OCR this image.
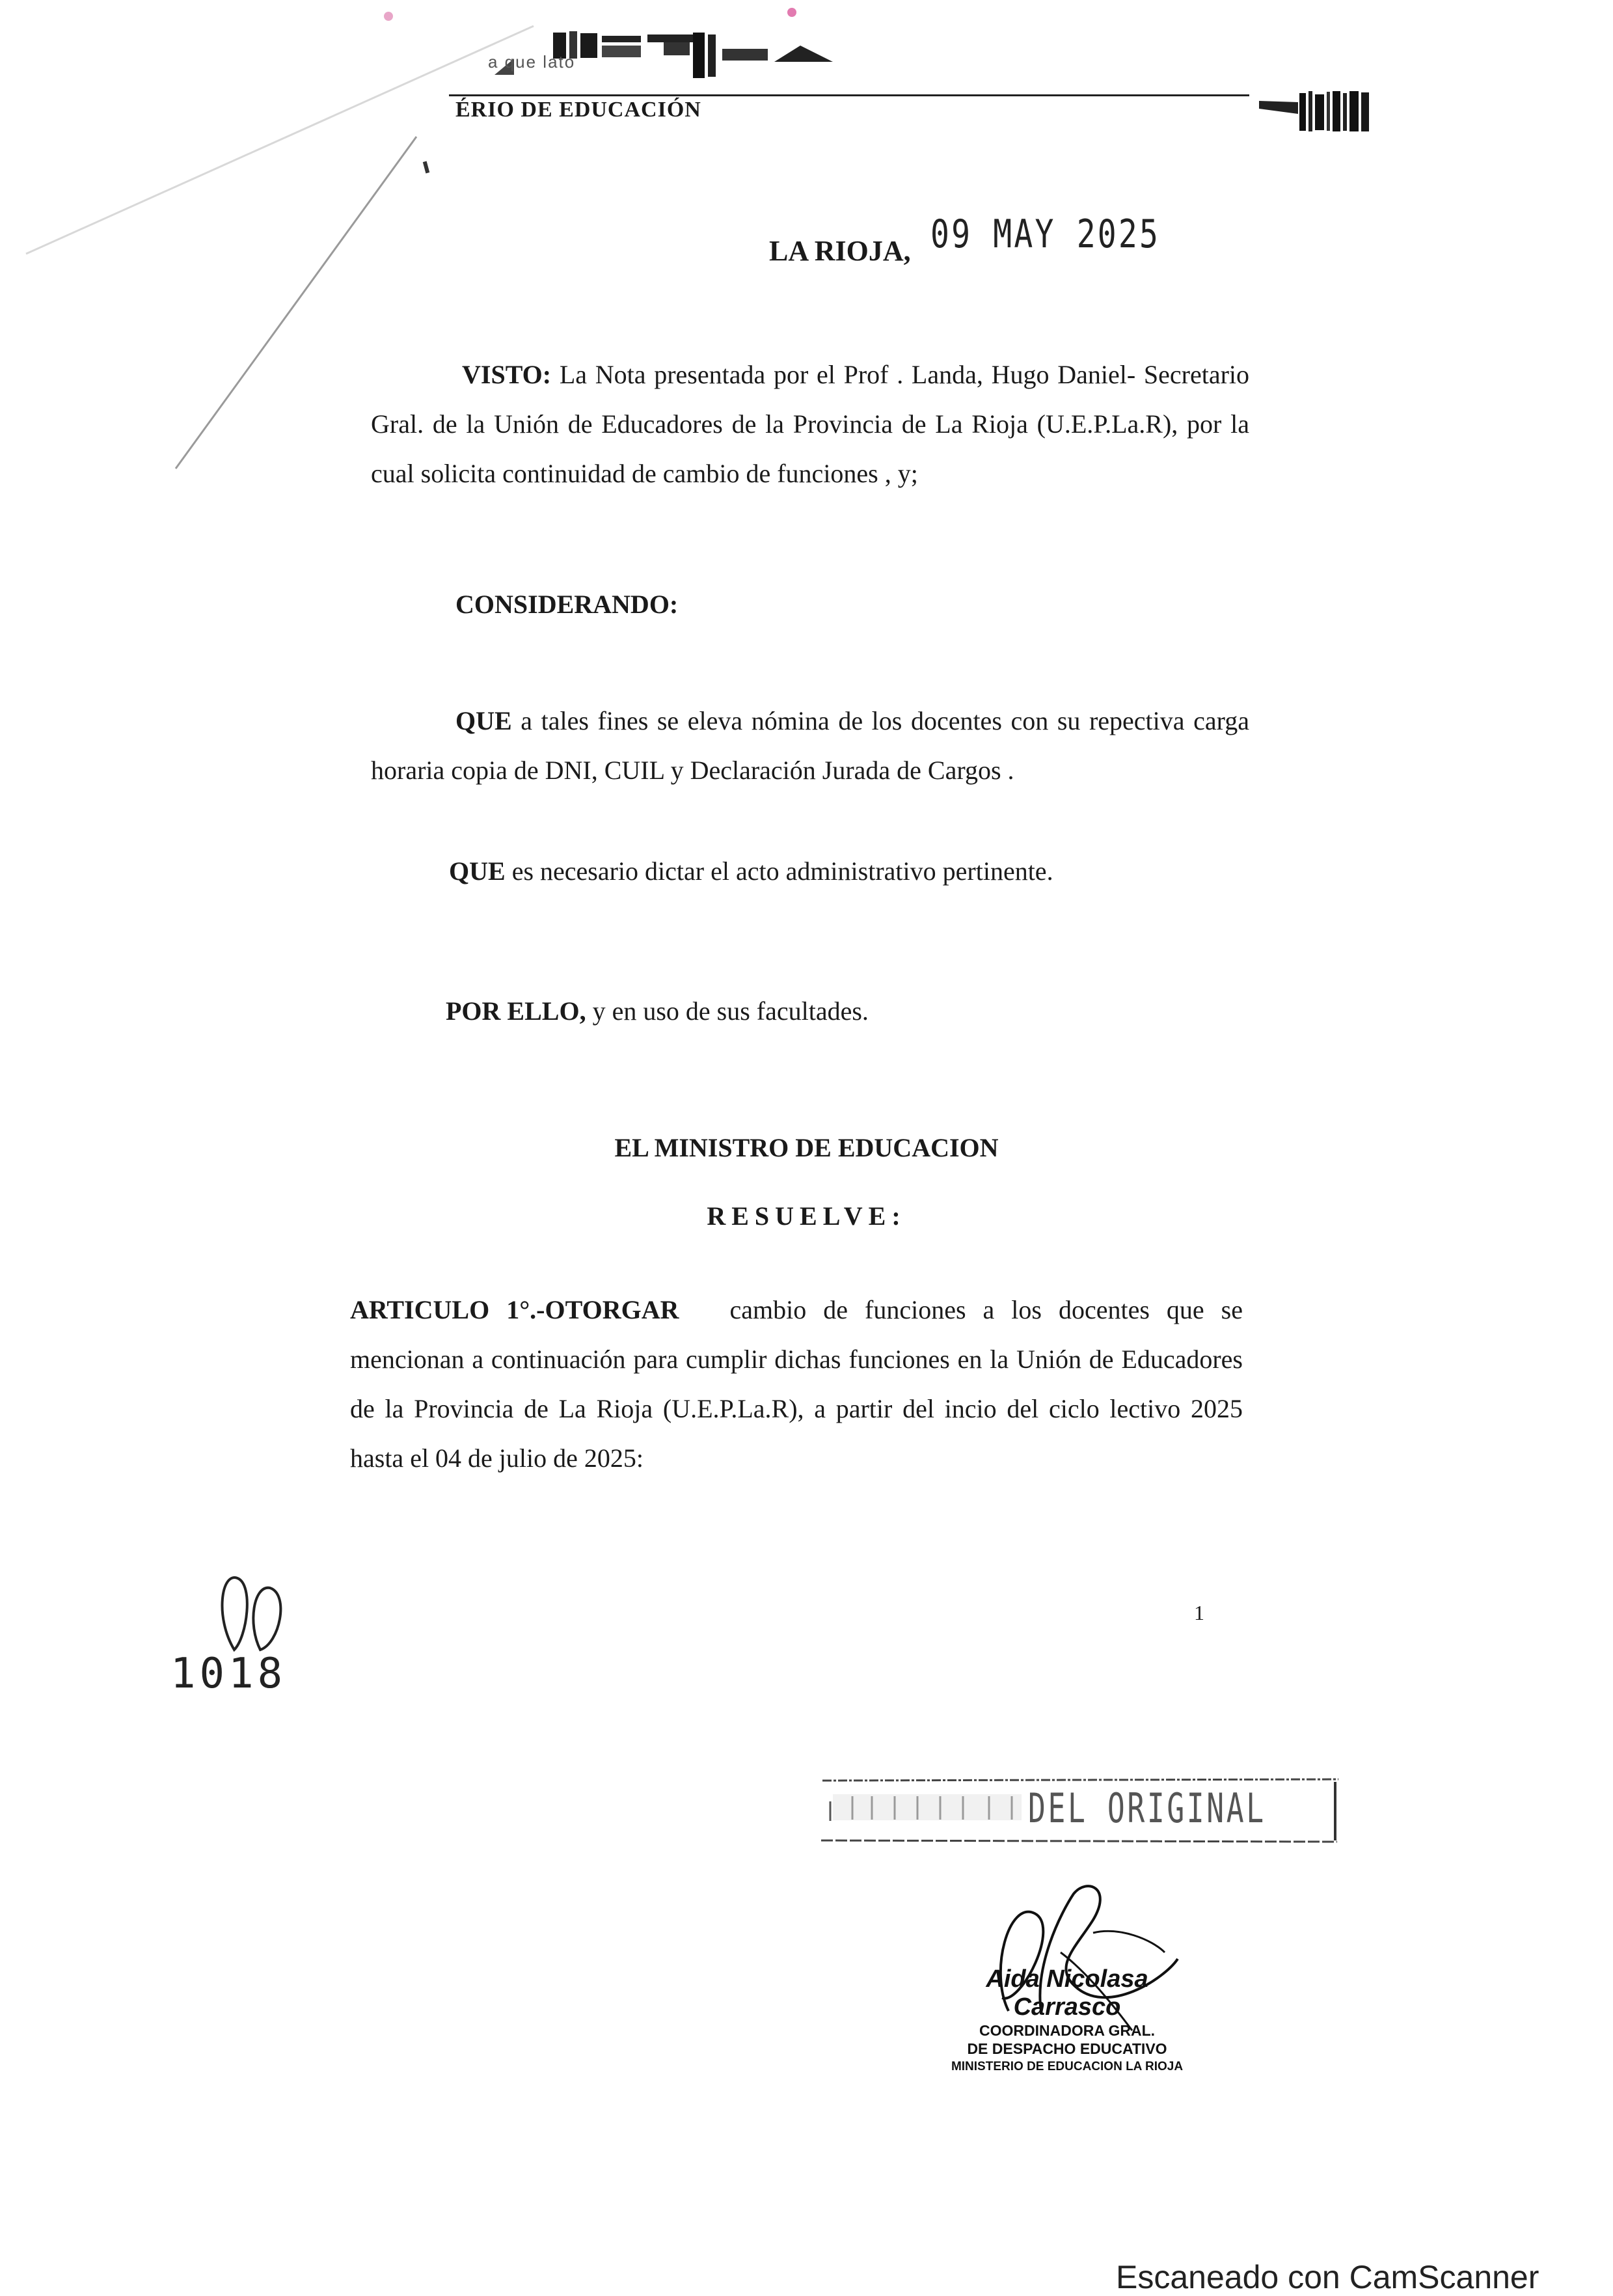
a que lato
ÉRIO DE EDUCACIÓN
LA RIOJA, 09 MAY 2025

VISTO: La Nota presentada por el Prof . Landa, Hugo Daniel- Secretario Gral. de la Unión de Educadores de la Provincia de La Rioja (U.E.P.La.R), por la cual solicita continuidad de cambio de funciones , y;

CONSIDERANDO:

QUE a tales fines se eleva nómina de los docentes con su repectiva carga horaria copia de DNI, CUIL y Declaración Jurada de Cargos .

QUE es necesario dictar el acto administrativo pertinente.
POR ELLO, y en uso de sus facultades.
EL MINISTRO DE EDUCACION
RESUELVE:

ARTICULO 1°.-OTORGAR cambio de funciones a los docentes que se mencionan a continuación para cumplir dichas funciones en la Unión de Educadores de la Provincia de La Rioja (U.E.P.La.R), a partir del incio del ciclo lectivo 2025 hasta el 04 de julio de 2025:

1
1018
DEL ORIGINAL
Aida Nicolasa Carrasco
COORDINADORA GRAL.
DE DESPACHO EDUCATIVO
MINISTERIO DE EDUCACION LA RIOJA
Escaneado con CamScanner
